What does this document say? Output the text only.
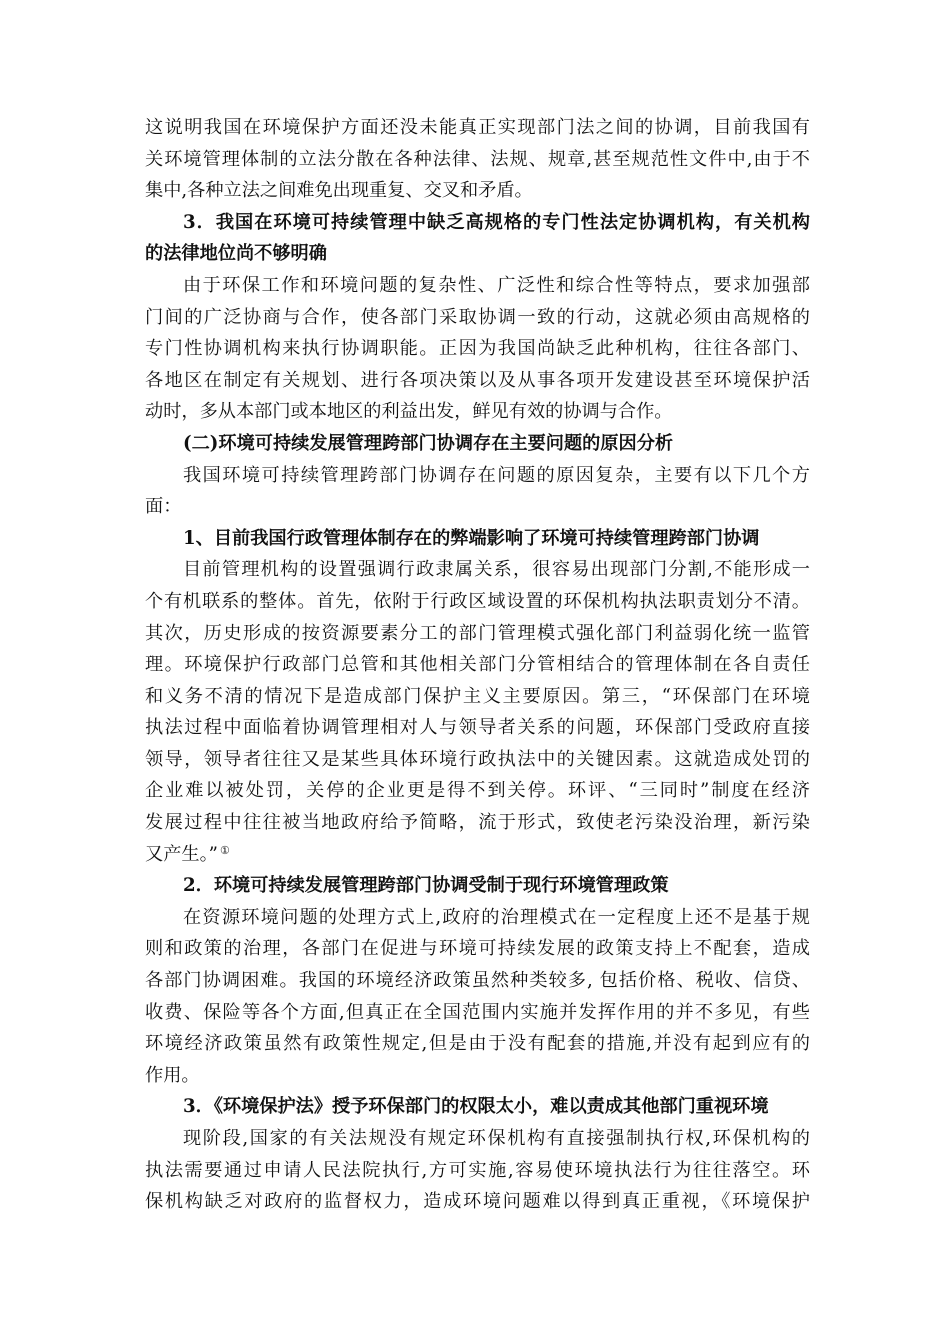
这说明我国在环境保护方面还没未能真正实现部门法之间的协调，目前我国有
关环境管理体制的立法分散在各种法律、法规、规章,甚至规范性文件中,由于不
集中,各种立法之间难免出现重复、交叉和矛盾。
3．我国在环境可持续管理中缺乏高规格的专门性法定协调机构，有关机构
的法律地位尚不够明确
由于环保工作和环境问题的复杂性、广泛性和综合性等特点，要求加强部
门间的广泛协商与合作，使各部门采取协调一致的行动，这就必须由高规格的
专门性协调机构来执行协调职能。正因为我国尚缺乏此种机构，往往各部门、
各地区在制定有关规划、进行各项决策以及从事各项开发建设甚至环境保护活
动时，多从本部门或本地区的利益出发，鲜见有效的协调与合作。
(二)环境可持续发展管理跨部门协调存在主要问题的原因分析
我国环境可持续管理跨部门协调存在问题的原因复杂，主要有以下几个方
面：
1、目前我国行政管理体制存在的弊端影响了环境可持续管理跨部门协调
目前管理机构的设置强调行政隶属关系，很容易出现部门分割,不能形成一
个有机联系的整体。首先，依附于行政区域设置的环保机构执法职责划分不清。
其次，历史形成的按资源要素分工的部门管理模式强化部门利益弱化统一监管
理。环境保护行政部门总管和其他相关部门分管相结合的管理体制在各自责任
和义务不清的情况下是造成部门保护主义主要原因。第三，“环保部门在环境
执法过程中面临着协调管理相对人与领导者关系的问题，环保部门受政府直接
领导，领导者往往又是某些具体环境行政执法中的关键因素。这就造成处罚的
企业难以被处罚，关停的企业更是得不到关停。环评、“三同时”制度在经济
发展过程中往往被当地政府给予简略，流于形式，致使老污染没治理，新污染
又产生。” ①
2．环境可持续发展管理跨部门协调受制于现行环境管理政策
在资源环境问题的处理方式上,政府的治理模式在一定程度上还不是基于规
则和政策的治理，各部门在促进与环境可持续发展的政策支持上不配套，造成
各部门协调困难。我国的环境经济政策虽然种类较多, 包括价格、税收、信贷、
收费、保险等各个方面,但真正在全国范围内实施并发挥作用的并不多见，有些
环境经济政策虽然有政策性规定,但是由于没有配套的措施,并没有起到应有的
作用。
3．《环境保护法》授予环保部门的权限太小，难以责成其他部门重视环境
现阶段,国家的有关法规没有规定环保机构有直接强制执行权,环保机构的
执法需要通过申请人民法院执行,方可实施,容易使环境执法行为往往落空。环
保机构缺乏对政府的监督权力，造成环境问题难以得到真正重视，《环境保护
